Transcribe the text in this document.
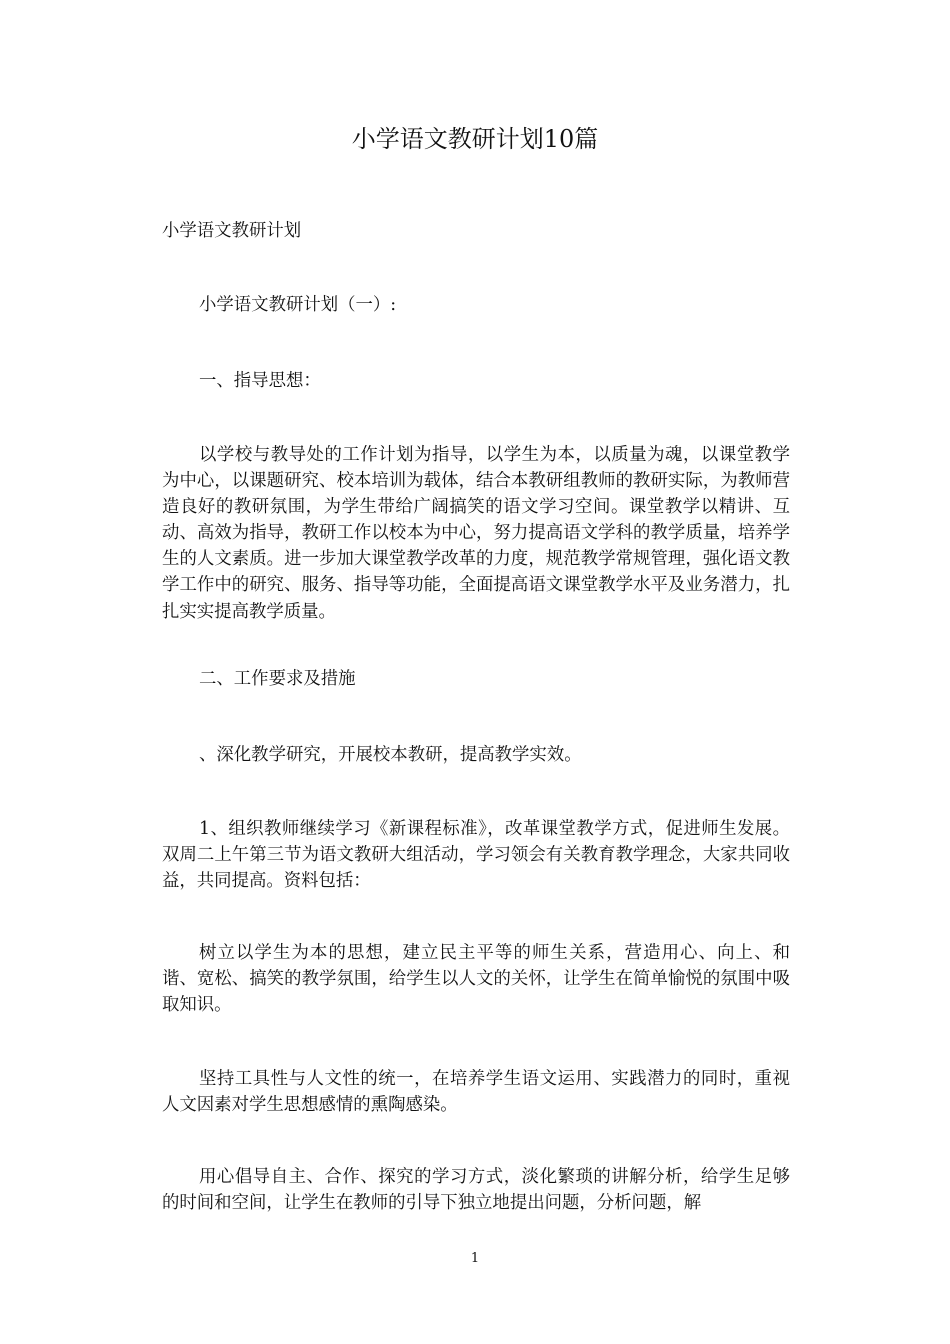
小学语文教研计划10篇

小学语文教研计划

小学语文教研计划（一）:

一、指导思想：

以学校与教导处的工作计划为指导，以学生为本，以质量为魂，以课堂教学为中心，以课题研究、校本培训为载体，结合本教研组教师的教研实际，为教师营造良好的教研氛围，为学生带给广阔搞笑的语文学习空间。课堂教学以精讲、互动、高效为指导，教研工作以校本为中心，努力提高语文学科的教学质量，培养学生的人文素质。进一步加大课堂教学改革的力度，规范教学常规管理，强化语文教学工作中的研究、服务、指导等功能，全面提高语文课堂教学水平及业务潜力，扎扎实实提高教学质量。

二、工作要求及措施

、深化教学研究，开展校本教研，提高教学实效。

1、组织教师继续学习《新课程标准》，改革课堂教学方式，促进师生发展。双周二上午第三节为语文教研大组活动，学习领会有关教育教学理念，大家共同收益，共同提高。资料包括：

树立以学生为本的思想，建立民主平等的师生关系，营造用心、向上、和谐、宽松、搞笑的教学氛围，给学生以人文的关怀，让学生在简单愉悦的氛围中吸取知识。

坚持工具性与人文性的统一，在培养学生语文运用、实践潜力的同时，重视人文因素对学生思想感情的熏陶感染。

用心倡导自主、合作、探究的学习方式，淡化繁琐的讲解分析，给学生足够的时间和空间，让学生在教师的引导下独立地提出问题，分析问题，解

1
